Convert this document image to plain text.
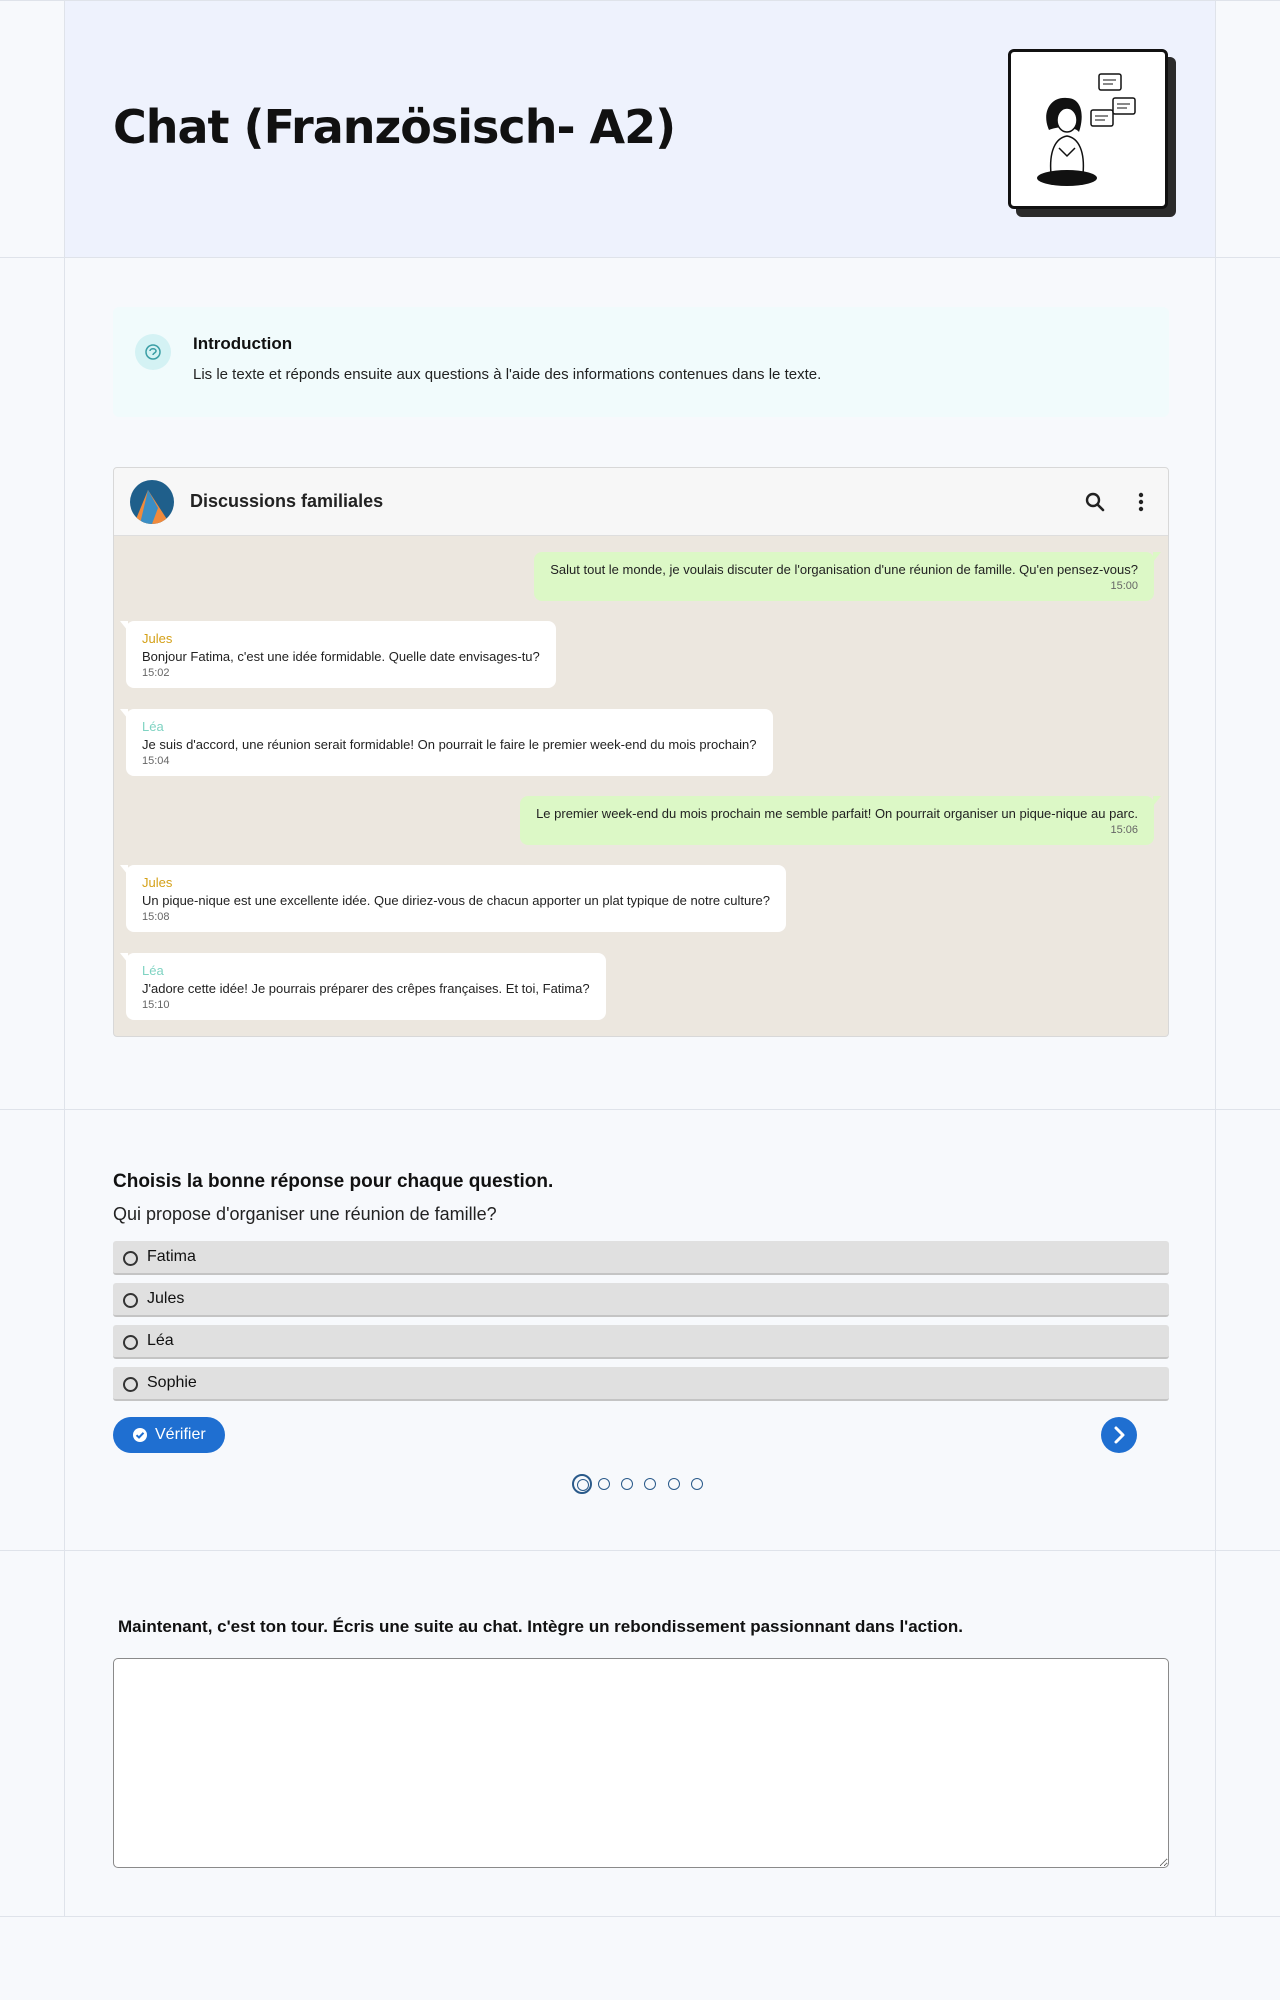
Chat (Französisch- A2)
Introduction
Lis le texte et réponds ensuite aux questions à l'aide des informations contenues dans le texte.
Discussions familiales
Salut tout le monde, je voulais discuter de l'organisation d'une réunion de famille. Qu'en pensez-vous?
15:00
Jules
Bonjour Fatima, c'est une idée formidable. Quelle date envisages-tu?
15:02
Léa
Je suis d'accord, une réunion serait formidable! On pourrait le faire le premier week-end du mois prochain?
15:04
Le premier week-end du mois prochain me semble parfait! On pourrait organiser un pique-nique au parc.
15:06
Jules
Un pique-nique est une excellente idée. Que diriez-vous de chacun apporter un plat typique de notre culture?
15:08
Léa
J'adore cette idée! Je pourrais préparer des crêpes françaises. Et toi, Fatima?
15:10
Choisis la bonne réponse pour chaque question.
Qui propose d'organiser une réunion de famille?
Fatima
Jules
Léa
Sophie
Vérifier
Maintenant, c'est ton tour. Écris une suite au chat. Intègre un rebondissement passionnant dans l'action.
